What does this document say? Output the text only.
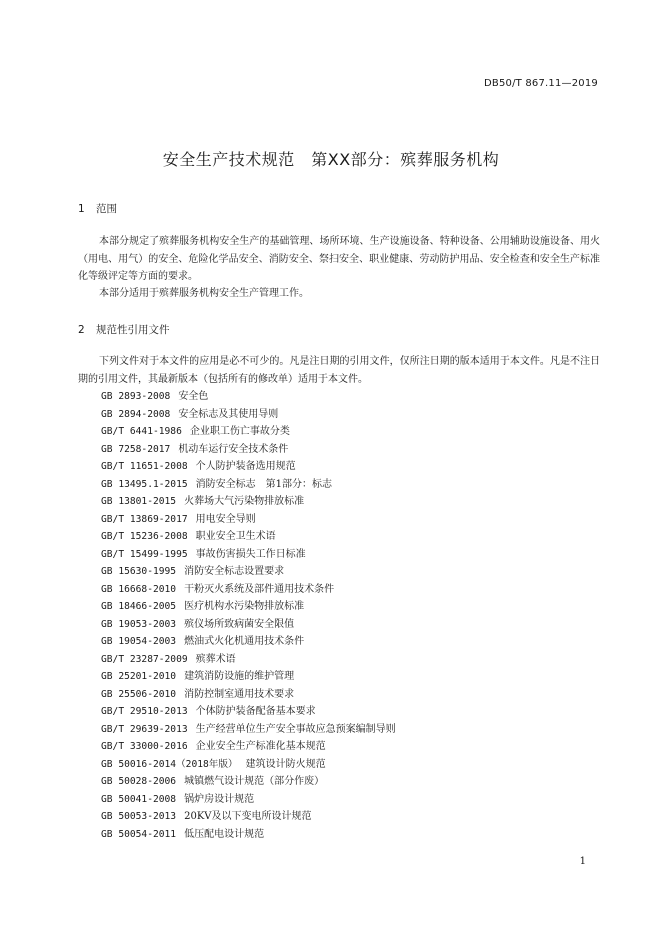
DB50/T 867.11—2019
安全生产技术规范　第XX部分：殡葬服务机构
1 范围

本部分规定了殡葬服务机构安全生产的基础管理、场所环境、生产设施设备、特种设备、公用辅助设施设备、用火（用电、用气）的安全、危险化学品安全、消防安全、祭扫安全、职业健康、劳动防护用品、安全检查和安全生产标准化等级评定等方面的要求。

本部分适用于殡葬服务机构安全生产管理工作。

2 规范性引用文件

下列文件对于本文件的应用是必不可少的。凡是注日期的引用文件，仅所注日期的版本适用于本文件。凡是不注日期的引用文件，其最新版本（包括所有的修改单）适用于本文件。

GB 2893-2008 安全色
GB 2894-2008 安全标志及其使用导则
GB/T 6441-1986 企业职工伤亡事故分类
GB 7258-2017 机动车运行安全技术条件
GB/T 11651-2008 个人防护装备选用规范
GB 13495.1-2015 消防安全标志　第1部分：标志
GB 13801-2015 火葬场大气污染物排放标准
GB/T 13869-2017 用电安全导则
GB/T 15236-2008 职业安全卫生术语
GB/T 15499-1995 事故伤害损失工作日标准
GB 15630-1995 消防安全标志设置要求
GB 16668-2010 干粉灭火系统及部件通用技术条件
GB 18466-2005 医疗机构水污染物排放标准
GB 19053-2003 殡仪场所致病菌安全限值
GB 19054-2003 燃油式火化机通用技术条件
GB/T 23287-2009 殡葬术语
GB 25201-2010 建筑消防设施的维护管理
GB 25506-2010 消防控制室通用技术要求
GB/T 29510-2013 个体防护装备配备基本要求
GB/T 29639-2013 生产经营单位生产安全事故应急预案编制导则
GB/T 33000-2016 企业安全生产标准化基本规范
GB 50016-2014（2018年版） 建筑设计防火规范
GB 50028-2006 城镇燃气设计规范（部分作废）
GB 50041-2008 锅炉房设计规范
GB 50053-2013 20KV及以下变电所设计规范
GB 50054-2011 低压配电设计规范
1
